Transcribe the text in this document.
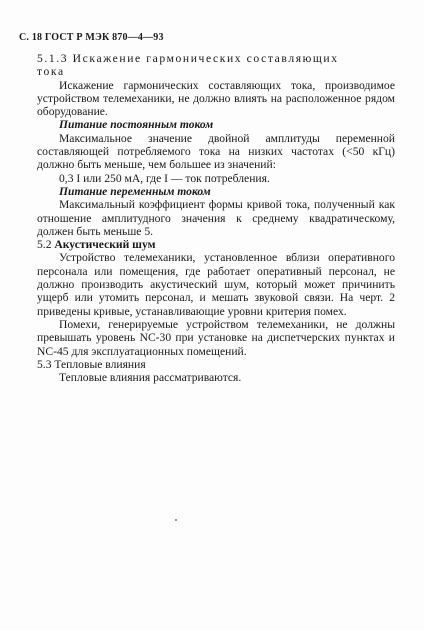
С. 18 ГОСТ Р МЭК 870—4—93

5.1.3 Искажение гармонических составляющих

тока

Искажение гармонических составляющих тока, производимое устройством телемеханики, не должно влиять на расположенное рядом оборудование.

Питание постоянным током

Максимальное значение двойной амплитуды переменной составляющей потребляемого тока на низких частотах (<50 кГц) должно быть меньше, чем большее из значений:

0,3 I или 250 мА, где I — ток потребления.

Питание переменным током

Максимальный коэффициент формы кривой тока, полученный как отношение амплитудного значения к среднему квадратическому, должен быть меньше 5.

5.2 Акустический шум

Устройство телемеханики, установленное вблизи оперативного персонала или помещения, где работает оперативный персонал, не должно производить акустический шум, который может причинить ущерб или утомить персонал, и мешать звуковой связи. На черт. 2 приведены кривые, устанавливающие уровни критерия помех.

Помехи, генерируемые устройством телемеханики, не должны превышать уровень NC-30 при установке на диспетчерских пунктах и NC-45 для эксплуатационных помещений.

5.3 Тепловые влияния

Тепловые влияния рассматриваются.
